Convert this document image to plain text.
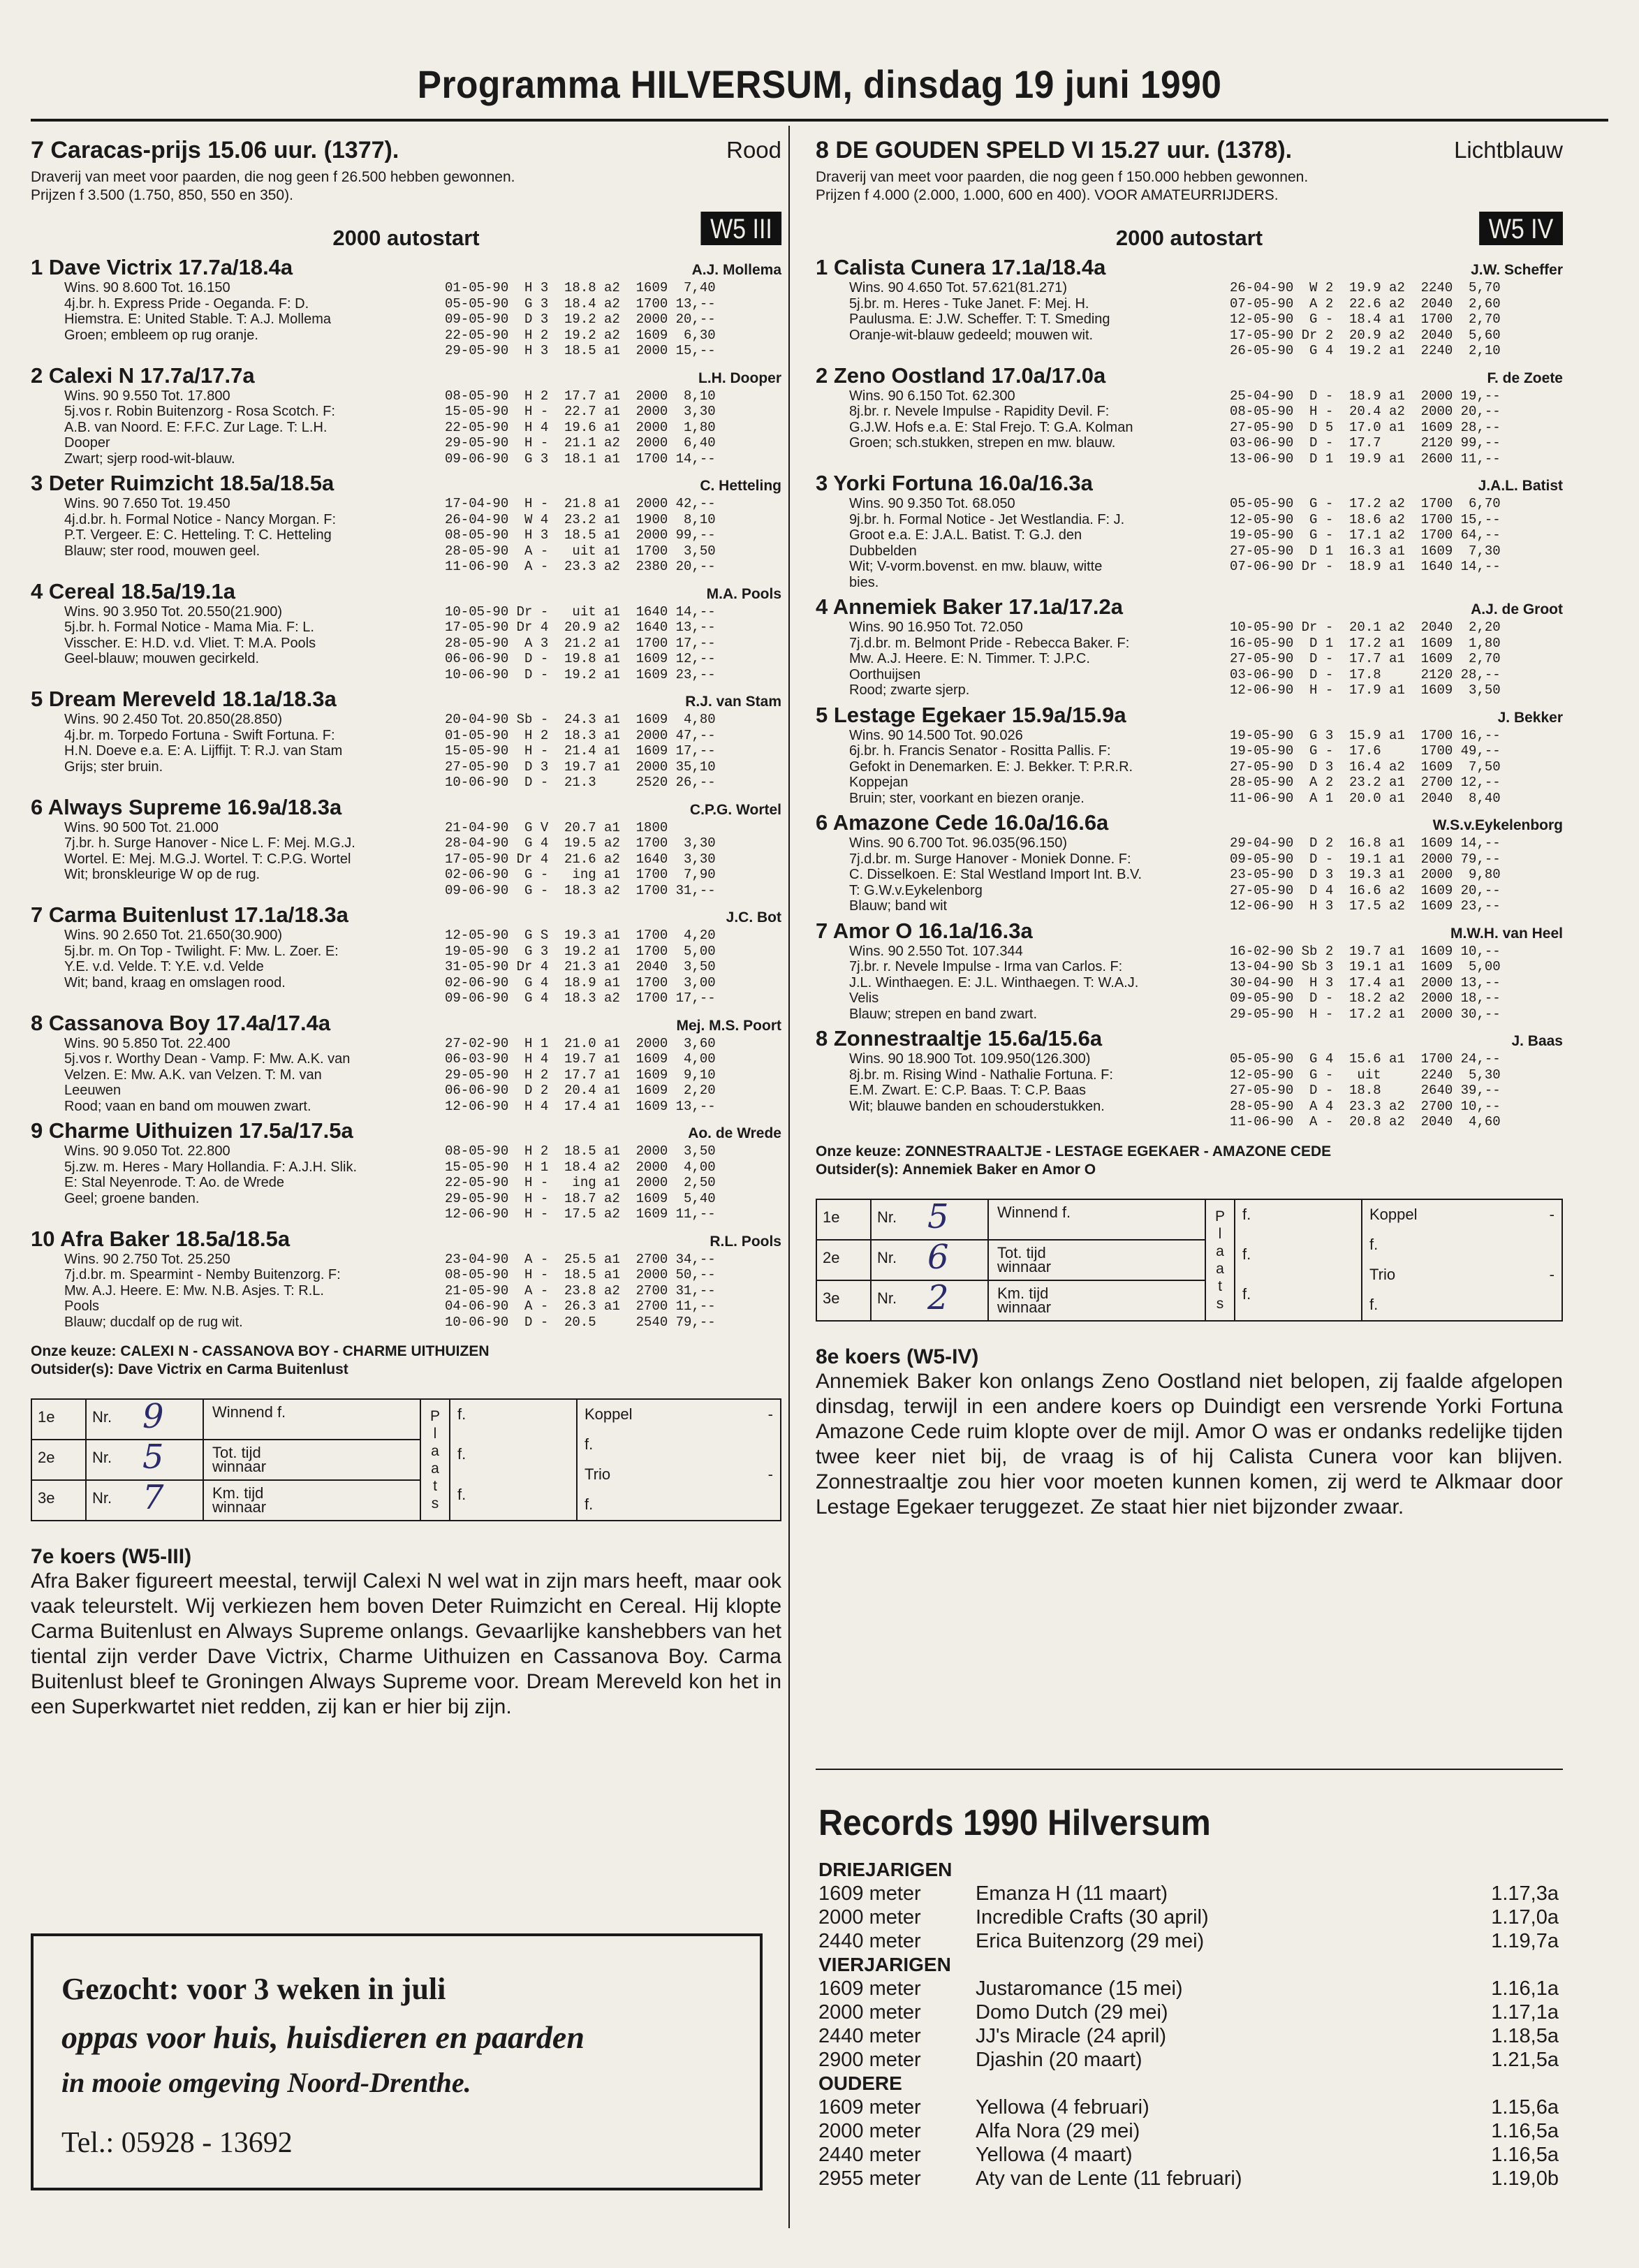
Programma HILVERSUM, dinsdag 19 juni 1990
7 Caracas-prijs 15.06 uur. (1377).	Rood
Draverij van meet voor paarden, die nog geen f 26.500 hebben gewonnen.
Prijzen f 3.500 (1.750, 850, 550 en 350).
2000 autostart	W5 III
1 Dave Victrix 17.7a/18.4a	A.J. Mollema
Wins. 90 8.600 Tot. 16.150
4j.br. h. Express Pride - Oeganda. F: D.
Hiemstra. E: United Stable. T: A.J. Mollema
Groen; embleem op rug oranje.
01-05-90  H 3  18.8 a2  1609  7,40
05-05-90  G 3  18.4 a2  1700 13,--
09-05-90  D 3  19.2 a2  2000 20,--
22-05-90  H 2  19.2 a2  1609  6,30
29-05-90  H 3  18.5 a1  2000 15,--
2 Calexi N 17.7a/17.7a	L.H. Dooper
Wins. 90 9.550 Tot. 17.800
5j.vos r. Robin Buitenzorg - Rosa Scotch. F:
A.B. van Noord. E: F.F.C. Zur Lage. T: L.H.
Dooper
Zwart; sjerp rood-wit-blauw.
08-05-90  H 2  17.7 a1  2000  8,10
15-05-90  H -  22.7 a1  2000  3,30
22-05-90  H 4  19.6 a1  2000  1,80
29-05-90  H -  21.1 a2  2000  6,40
09-06-90  G 3  18.1 a1  1700 14,--
3 Deter Ruimzicht 18.5a/18.5a	C. Hetteling
Wins. 90 7.650 Tot. 19.450
4j.d.br. h. Formal Notice - Nancy Morgan. F:
P.T. Vergeer. E: C. Hetteling. T: C. Hetteling
Blauw; ster rood, mouwen geel.
17-04-90  H -  21.8 a1  2000 42,--
26-04-90  W 4  23.2 a1  1900  8,10
08-05-90  H 3  18.5 a1  2000 99,--
28-05-90  A -   uit a1  1700  3,50
11-06-90  A -  23.3 a2  2380 20,--
4 Cereal 18.5a/19.1a	M.A. Pools
Wins. 90 3.950 Tot. 20.550(21.900)
5j.br. h. Formal Notice - Mama Mia. F: L.
Visscher. E: H.D. v.d. Vliet. T: M.A. Pools
Geel-blauw; mouwen gecirkeld.
10-05-90 Dr -   uit a1  1640 14,--
17-05-90 Dr 4  20.9 a2  1640 13,--
28-05-90  A 3  21.2 a1  1700 17,--
06-06-90  D -  19.8 a1  1609 12,--
10-06-90  D -  19.2 a1  1609 23,--
5 Dream Mereveld 18.1a/18.3a	R.J. van Stam
Wins. 90 2.450 Tot. 20.850(28.850)
4j.br. m. Torpedo Fortuna - Swift Fortuna. F:
H.N. Doeve e.a. E: A. Lijffijt. T: R.J. van Stam
Grijs; ster bruin.
20-04-90 Sb -  24.3 a1  1609  4,80
01-05-90  H 2  18.3 a1  2000 47,--
15-05-90  H -  21.4 a1  1609 17,--
27-05-90  D 3  19.7 a1  2000 35,10
10-06-90  D -  21.3     2520 26,--
6 Always Supreme 16.9a/18.3a	C.P.G. Wortel
Wins. 90 500 Tot. 21.000
7j.br. h. Surge Hanover - Nice L. F: Mej. M.G.J.
Wortel. E: Mej. M.G.J. Wortel. T: C.P.G. Wortel
Wit; bronskleurige W op de rug.
21-04-90  G V  20.7 a1  1800
28-04-90  G 4  19.5 a2  1700  3,30
17-05-90 Dr 4  21.6 a2  1640  3,30
02-06-90  G -   ing a1  1700  7,90
09-06-90  G -  18.3 a2  1700 31,--
7 Carma Buitenlust 17.1a/18.3a	J.C. Bot
Wins. 90 2.650 Tot. 21.650(30.900)
5j.br. m. On Top - Twilight. F: Mw. L. Zoer. E:
Y.E. v.d. Velde. T: Y.E. v.d. Velde
Wit; band, kraag en omslagen rood.
12-05-90  G S  19.3 a1  1700  4,20
19-05-90  G 3  19.2 a1  1700  5,00
31-05-90 Dr 4  21.3 a1  2040  3,50
02-06-90  G 4  18.9 a1  1700  3,00
09-06-90  G 4  18.3 a2  1700 17,--
8 Cassanova Boy 17.4a/17.4a	Mej. M.S. Poort
Wins. 90 5.850 Tot. 22.400
5j.vos r. Worthy Dean - Vamp. F: Mw. A.K. van
Velzen. E: Mw. A.K. van Velzen. T: M. van
Leeuwen
Rood; vaan en band om mouwen zwart.
27-02-90  H 1  21.0 a1  2000  3,60
06-03-90  H 4  19.7 a1  1609  4,00
29-05-90  H 2  17.7 a1  1609  9,10
06-06-90  D 2  20.4 a1  1609  2,20
12-06-90  H 4  17.4 a1  1609 13,--
9 Charme Uithuizen 17.5a/17.5a	Ao. de Wrede
Wins. 90 9.050 Tot. 22.800
5j.zw. m. Heres - Mary Hollandia. F: A.J.H. Slik.
E: Stal Neyenrode. T: Ao. de Wrede
Geel; groene banden.
08-05-90  H 2  18.5 a1  2000  3,50
15-05-90  H 1  18.4 a2  2000  4,00
22-05-90  H -   ing a1  2000  2,50
29-05-90  H -  18.7 a2  1609  5,40
12-06-90  H -  17.5 a2  1609 11,--
10 Afra Baker 18.5a/18.5a	R.L. Pools
Wins. 90 2.750 Tot. 25.250
7j.d.br. m. Spearmint - Nemby Buitenzorg. F:
Mw. A.J. Heere. E: Mw. N.B. Asjes. T: R.L.
Pools
Blauw; ducdalf op de rug wit.
23-04-90  A -  25.5 a1  2700 34,--
08-05-90  H -  18.5 a1  2000 50,--
21-05-90  A -  23.8 a2  2700 31,--
04-06-90  A -  26.3 a1  2700 11,--
10-06-90  D -  20.5     2540 79,--
Onze keuze: CALEXI N - CASSANOVA BOY - CHARME UITHUIZEN
Outsider(s): Dave Victrix en Carma Buitenlust
1e	Nr. 9	Winnend f.
2e	Nr. 5	Tot. tijd
winnaar
3e	Nr. 7	Km. tijd
winnaar
P
l
a
a
t
s
f.
f.
f.
Koppel	-
f.
Trio	-
f.
7e koers (W5-III)
Afra Baker figureert meestal, terwijl Calexi N wel wat in zijn mars heeft, maar ook vaak teleurstelt. Wij verkiezen hem boven Deter Ruimzicht en Cereal. Hij klopte Carma Buitenlust en Always Supreme onlangs. Gevaarlijke kanshebbers van het tiental zijn verder Dave Victrix, Charme Uithuizen en Cassanova Boy. Carma Buitenlust bleef te Groningen Always Supreme voor. Dream Mereveld kon het in een Superkwartet niet redden, zij kan er hier bij zijn.
8 DE GOUDEN SPELD VI 15.27 uur. (1378).	Lichtblauw
Draverij van meet voor paarden, die nog geen f 150.000 hebben gewonnen.
Prijzen f 4.000 (2.000, 1.000, 600 en 400). VOOR AMATEURRIJDERS.
2000 autostart	W5 IV
1 Calista Cunera 17.1a/18.4a	J.W. Scheffer
Wins. 90 4.650 Tot. 57.621(81.271)
5j.br. m. Heres - Tuke Janet. F: Mej. H.
Paulusma. E: J.W. Scheffer. T: T. Smeding
Oranje-wit-blauw gedeeld; mouwen wit.
26-04-90  W 2  19.9 a2  2240  5,70
07-05-90  A 2  22.6 a2  2040  2,60
12-05-90  G -  18.4 a1  1700  2,70
17-05-90 Dr 2  20.9 a2  2040  5,60
26-05-90  G 4  19.2 a1  2240  2,10
2 Zeno Oostland 17.0a/17.0a	F. de Zoete
Wins. 90 6.150 Tot. 62.300
8j.br. r. Nevele Impulse - Rapidity Devil. F:
G.J.W. Hofs e.a. E: Stal Frejo. T: G.A. Kolman
Groen; sch.stukken, strepen en mw. blauw.
25-04-90  D -  18.9 a1  2000 19,--
08-05-90  H -  20.4 a2  2000 20,--
27-05-90  D 5  17.0 a1  1609 28,--
03-06-90  D -  17.7     2120 99,--
13-06-90  D 1  19.9 a1  2600 11,--
3 Yorki Fortuna 16.0a/16.3a	J.A.L. Batist
Wins. 90 9.350 Tot. 68.050
9j.br. h. Formal Notice - Jet Westlandia. F: J.
Groot e.a. E: J.A.L. Batist. T: G.J. den
Dubbelden
Wit; V-vorm.bovenst. en mw. blauw, witte
bies.
05-05-90  G -  17.2 a2  1700  6,70
12-05-90  G -  18.6 a2  1700 15,--
19-05-90  G -  17.1 a2  1700 64,--
27-05-90  D 1  16.3 a1  1609  7,30
07-06-90 Dr -  18.9 a1  1640 14,--
4 Annemiek Baker 17.1a/17.2a	A.J. de Groot
Wins. 90 16.950 Tot. 72.050
7j.d.br. m. Belmont Pride - Rebecca Baker. F:
Mw. A.J. Heere. E: N. Timmer. T: J.P.C.
Oorthuijsen
Rood; zwarte sjerp.
10-05-90 Dr -  20.1 a2  2040  2,20
16-05-90  D 1  17.2 a1  1609  1,80
27-05-90  D -  17.7 a1  1609  2,70
03-06-90  D -  17.8     2120 28,--
12-06-90  H -  17.9 a1  1609  3,50
5 Lestage Egekaer 15.9a/15.9a	J. Bekker
Wins. 90 14.500 Tot. 90.026
6j.br. h. Francis Senator - Rositta Pallis. F:
Gefokt in Denemarken. E: J. Bekker. T: P.R.R.
Koppejan
Bruin; ster, voorkant en biezen oranje.
19-05-90  G 3  15.9 a1  1700 16,--
19-05-90  G -  17.6     1700 49,--
27-05-90  D 3  16.4 a2  1609  7,50
28-05-90  A 2  23.2 a1  2700 12,--
11-06-90  A 1  20.0 a1  2040  8,40
6 Amazone Cede 16.0a/16.6a	W.S.v.Eykelenborg
Wins. 90 6.700 Tot. 96.035(96.150)
7j.d.br. m. Surge Hanover - Moniek Donne. F:
C. Disselkoen. E: Stal Westland Import Int. B.V.
T: G.W.v.Eykelenborg
Blauw; band wit
29-04-90  D 2  16.8 a1  1609 14,--
09-05-90  D -  19.1 a1  2000 79,--
23-05-90  D 3  19.3 a1  2000  9,80
27-05-90  D 4  16.6 a2  1609 20,--
12-06-90  H 3  17.5 a2  1609 23,--
7 Amor O 16.1a/16.3a	M.W.H. van Heel
Wins. 90 2.550 Tot. 107.344
7j.br. r. Nevele Impulse - Irma van Carlos. F:
J.L. Winthaegen. E: J.L. Winthaegen. T: W.A.J.
Velis
Blauw; strepen en band zwart.
16-02-90 Sb 2  19.7 a1  1609 10,--
13-04-90 Sb 3  19.1 a1  1609  5,00
30-04-90  H 3  17.4 a1  2000 13,--
09-05-90  D -  18.2 a2  2000 18,--
29-05-90  H -  17.2 a1  2000 30,--
8 Zonnestraaltje 15.6a/15.6a	J. Baas
Wins. 90 18.900 Tot. 109.950(126.300)
8j.br. m. Rising Wind - Nathalie Fortuna. F:
E.M. Zwart. E: C.P. Baas. T: C.P. Baas
Wit; blauwe banden en schouderstukken.
05-05-90  G 4  15.6 a1  1700 24,--
12-05-90  G -   uit     2240  5,30
27-05-90  D -  18.8     2640 39,--
28-05-90  A 4  23.3 a2  2700 10,--
11-06-90  A -  20.8 a2  2040  4,60
Onze keuze: ZONNESTRAALTJE - LESTAGE EGEKAER - AMAZONE CEDE
Outsider(s): Annemiek Baker en Amor O
1e	Nr. 5	Winnend f.
2e	Nr. 6	Tot. tijd
winnaar
3e	Nr. 2	Km. tijd
winnaar
P
l
a
a
t
s
f.
f.
f.
Koppel	-
f.
Trio	-
f.
8e koers (W5-IV)
Annemiek Baker kon onlangs Zeno Oostland niet belopen, zij faalde afgelopen dinsdag, terwijl in een andere koers op Duindigt een versrende Yorki Fortuna Amazone Cede ruim klopte over de mijl. Amor O was er ondanks redelijke tijden twee keer niet bij, de vraag is of hij Calista Cunera voor kan blijven. Zonnestraaltje zou hier voor moeten kunnen komen, zij werd te Alkmaar door Lestage Egekaer teruggezet. Ze staat hier niet bijzonder zwaar.
Gezocht: voor 3 weken in juli
oppas voor huis, huisdieren en paarden
in mooie omgeving Noord-Drenthe.
Tel.: 05928 - 13692
Records 1990 Hilversum
DRIEJARIGEN
1609 meter	Emanza H (11 maart)	1.17,3a
2000 meter	Incredible Crafts (30 april)	1.17,0a
2440 meter	Erica Buitenzorg (29 mei)	1.19,7a
VIERJARIGEN
1609 meter	Justaromance (15 mei)	1.16,1a
2000 meter	Domo Dutch (29 mei)	1.17,1a
2440 meter	JJ's Miracle (24 april)	1.18,5a
2900 meter	Djashin (20 maart)	1.21,5a
OUDERE
1609 meter	Yellowa (4 februari)	1.15,6a
2000 meter	Alfa Nora (29 mei)	1.16,5a
2440 meter	Yellowa (4 maart)	1.16,5a
2955 meter	Aty van de Lente (11 februari)	1.19,0b
